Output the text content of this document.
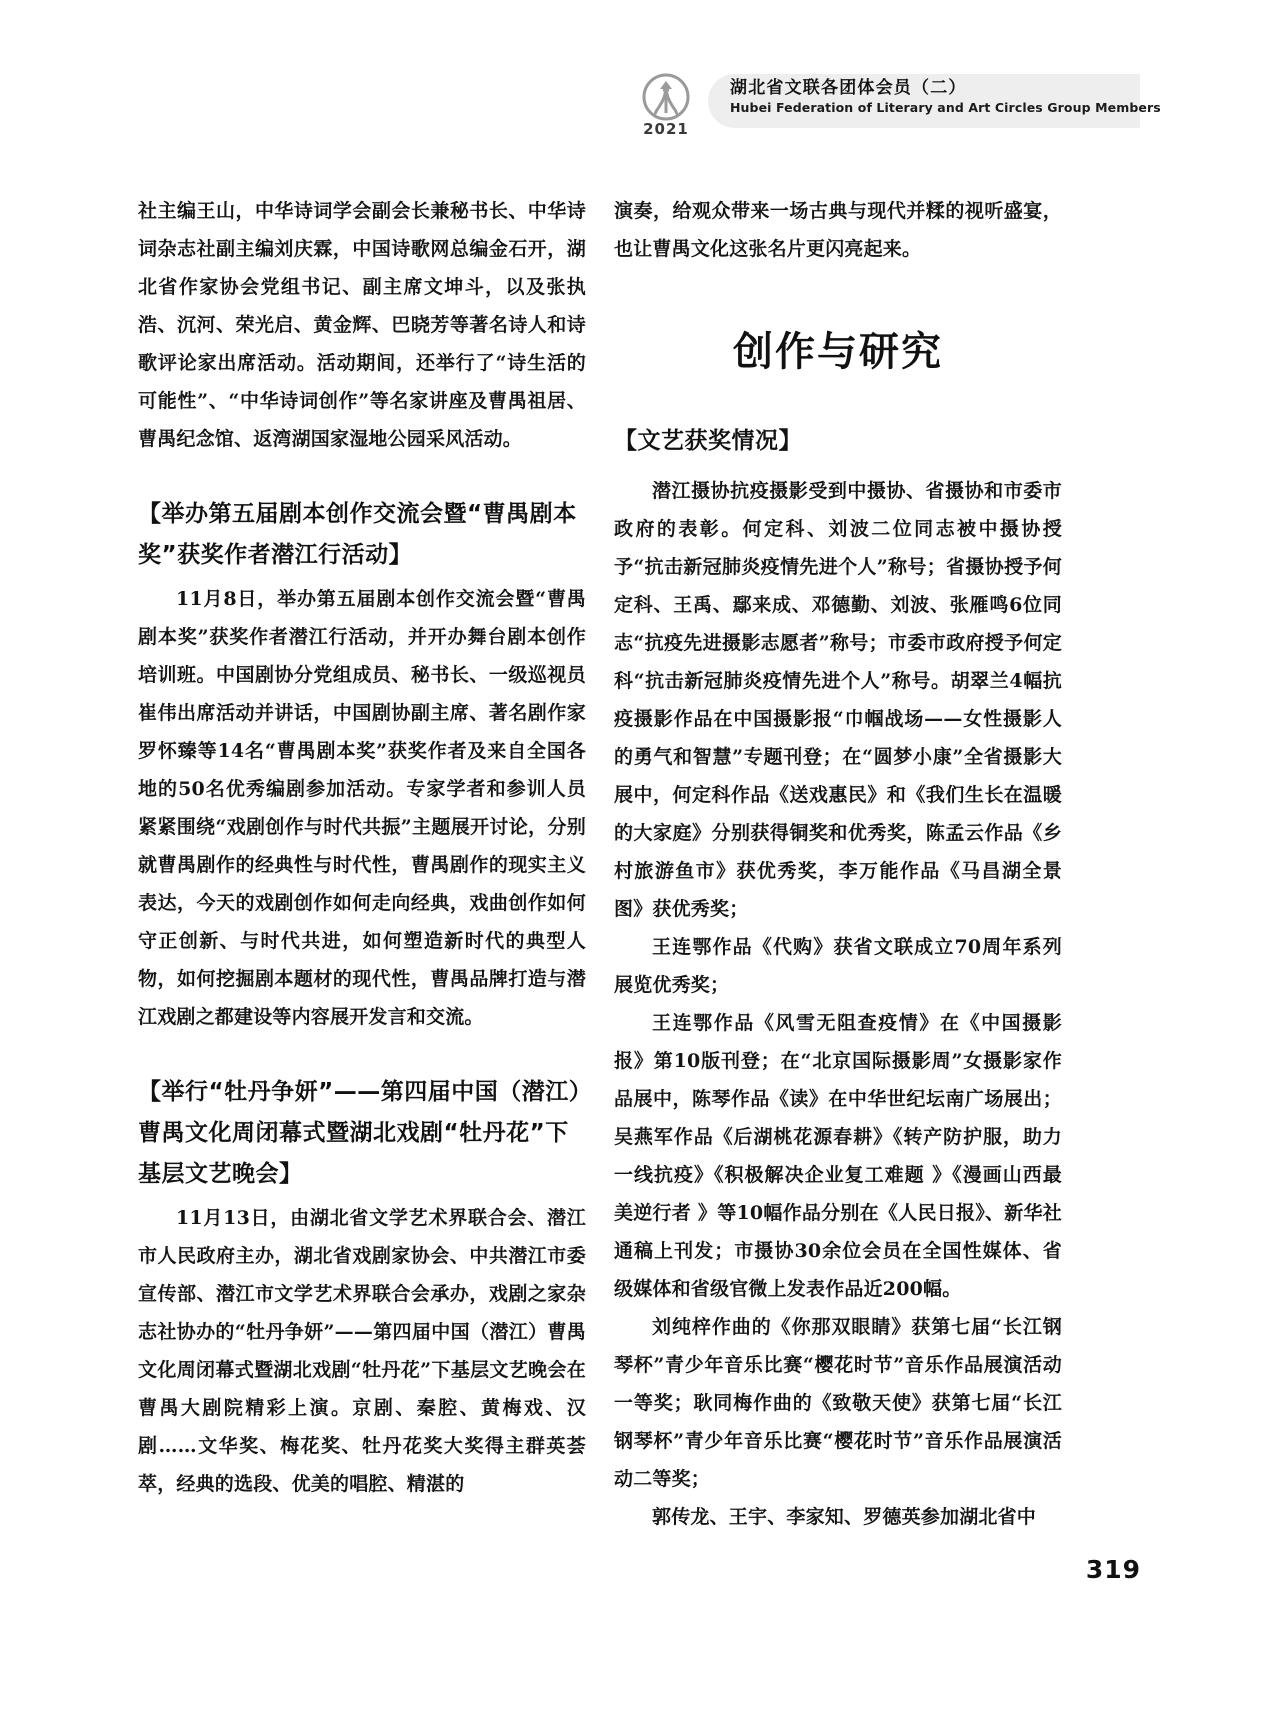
2021
湖北省文联各团体会员（二）
Hubei Federation of Literary and Art Circles Group Members

社主编王山，中华诗词学会副会长兼秘书长、中华诗词杂志社副主编刘庆霖，中国诗歌网总编金石开，湖北省作家协会党组书记、副主席文坤斗，以及张执浩、沉河、荣光启、黄金辉、巴晓芳等著名诗人和诗歌评论家出席活动。活动期间，还举行了“诗生活的可能性”、“中华诗词创作”等名家讲座及曹禺祖居、曹禺纪念馆、返湾湖国家湿地公园采风活动。

【举办第五届剧本创作交流会暨“曹禺剧本奖”获奖作者潜江行活动】

11月8日，举办第五届剧本创作交流会暨“曹禺剧本奖”获奖作者潜江行活动，并开办舞台剧本创作培训班。中国剧协分党组成员、秘书长、一级巡视员崔伟出席活动并讲话，中国剧协副主席、著名剧作家罗怀臻等14名“曹禺剧本奖”获奖作者及来自全国各地的50名优秀编剧参加活动。专家学者和参训人员紧紧围绕“戏剧创作与时代共振”主题展开讨论，分别就曹禺剧作的经典性与时代性，曹禺剧作的现实主义表达，今天的戏剧创作如何走向经典，戏曲创作如何守正创新、与时代共进，如何塑造新时代的典型人物，如何挖掘剧本题材的现代性，曹禺品牌打造与潜江戏剧之都建设等内容展开发言和交流。

【举行“牡丹争妍”——第四届中国（潜江）曹禺文化周闭幕式暨湖北戏剧“牡丹花”下基层文艺晚会】

11月13日，由湖北省文学艺术界联合会、潜江市人民政府主办，湖北省戏剧家协会、中共潜江市委宣传部、潜江市文学艺术界联合会承办，戏剧之家杂志社协办的“牡丹争妍”——第四届中国（潜江）曹禺文化周闭幕式暨湖北戏剧“牡丹花”下基层文艺晚会在曹禺大剧院精彩上演。京剧、秦腔、黄梅戏、汉剧……文华奖、梅花奖、牡丹花奖大奖得主群英荟萃，经典的选段、优美的唱腔、精湛的

演奏，给观众带来一场古典与现代并糅的视听盛宴，也让曹禺文化这张名片更闪亮起来。

创作与研究
【文艺获奖情况】

潜江摄协抗疫摄影受到中摄协、省摄协和市委市政府的表彰。何定科、刘波二位同志被中摄协授予“抗击新冠肺炎疫情先进个人”称号；省摄协授予何定科、王禹、鄢来成、邓德勤、刘波、张雁鸣6位同志“抗疫先进摄影志愿者”称号；市委市政府授予何定科“抗击新冠肺炎疫情先进个人”称号。胡翠兰4幅抗疫摄影作品在中国摄影报“巾帼战场——女性摄影人的勇气和智慧”专题刊登；在“圆梦小康”全省摄影大展中，何定科作品《送戏惠民》和《我们生长在温暖的大家庭》分别获得铜奖和优秀奖，陈孟云作品《乡村旅游鱼市》获优秀奖，李万能作品《马昌湖全景图》获优秀奖；

王连鄂作品《代购》获省文联成立70周年系列展览优秀奖；

王连鄂作品《风雪无阻查疫情》在《中国摄影报》第10版刊登；在“北京国际摄影周”女摄影家作品展中，陈琴作品《读》在中华世纪坛南广场展出；吴燕军作品《后湖桃花源春耕》《转产防护服，助力一线抗疫》《积极解决企业复工难题 》《漫画山西最美逆行者 》等10幅作品分别在《人民日报》、新华社通稿上刊发；市摄协30余位会员在全国性媒体、省级媒体和省级官微上发表作品近200幅。

刘纯梓作曲的《你那双眼睛》获第七届“长江钢琴杯”青少年音乐比赛“樱花时节”音乐作品展演活动一等奖；耿同梅作曲的《致敬天使》获第七届“长江钢琴杯”青少年音乐比赛“樱花时节”音乐作品展演活动二等奖；

郭传龙、王宇、李家知、罗德英参加湖北省中

319
